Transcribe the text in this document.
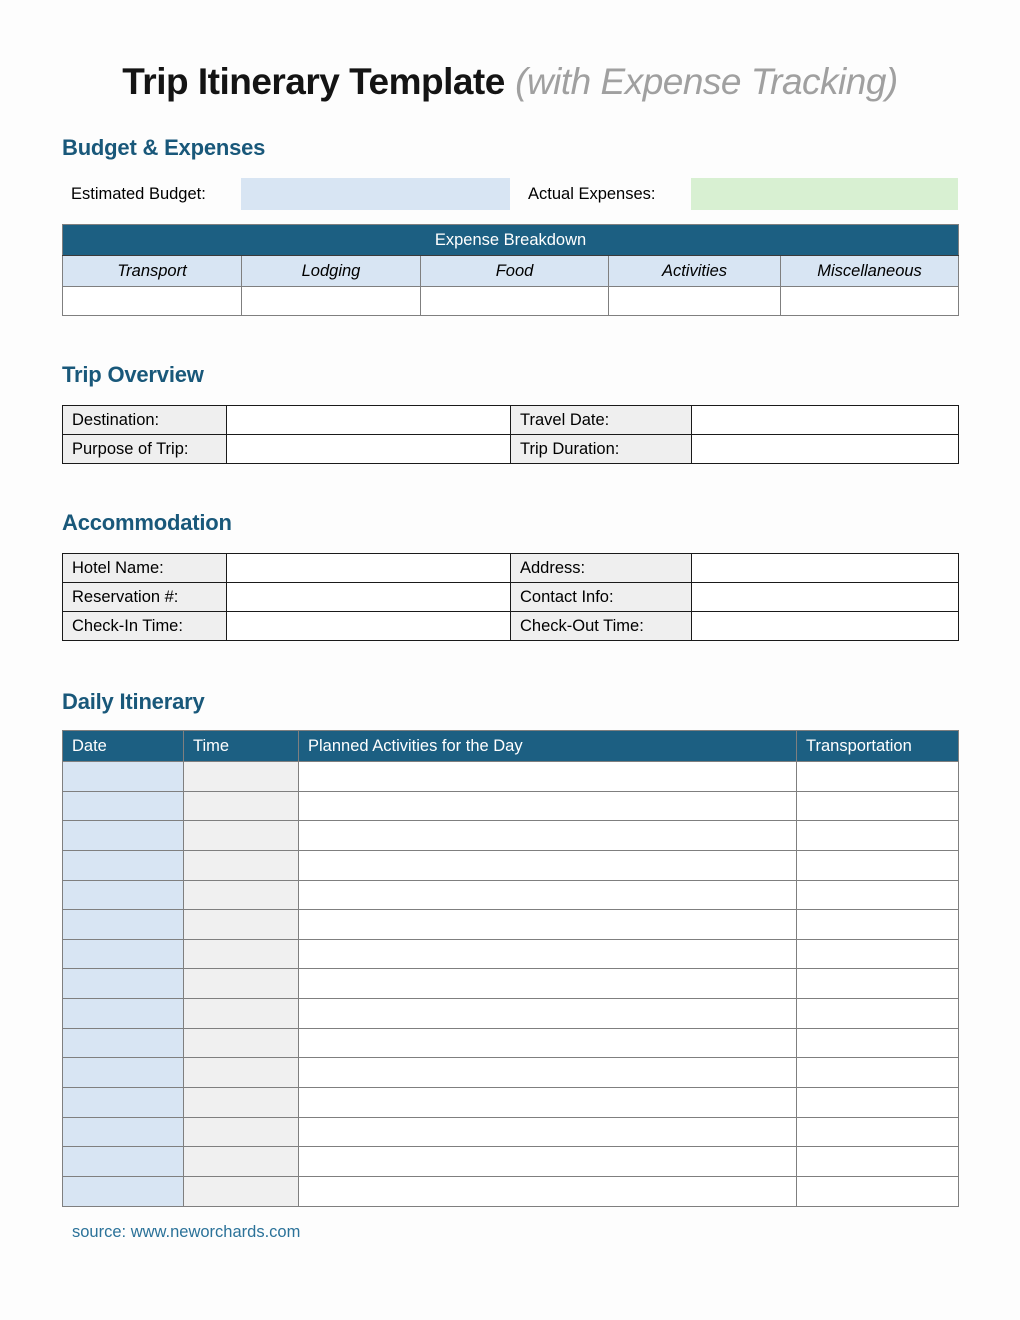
Trip Itinerary Template (with Expense Tracking)
Budget & Expenses
Estimated Budget:	Actual Expenses:
Expense Breakdown				
Transport	Lodging	Food	Activities	Miscellaneous

Trip Overview
Destination:		Travel Date:	
Purpose of Trip:		Trip Duration:	
Accommodation
Hotel Name:		Address:	
Reservation #:		Contact Info:	
Check-In Time:		Check-Out Time:	
Daily Itinerary
Date	Time	Planned Activities for the Day	Transportation

source: www.neworchards.com
